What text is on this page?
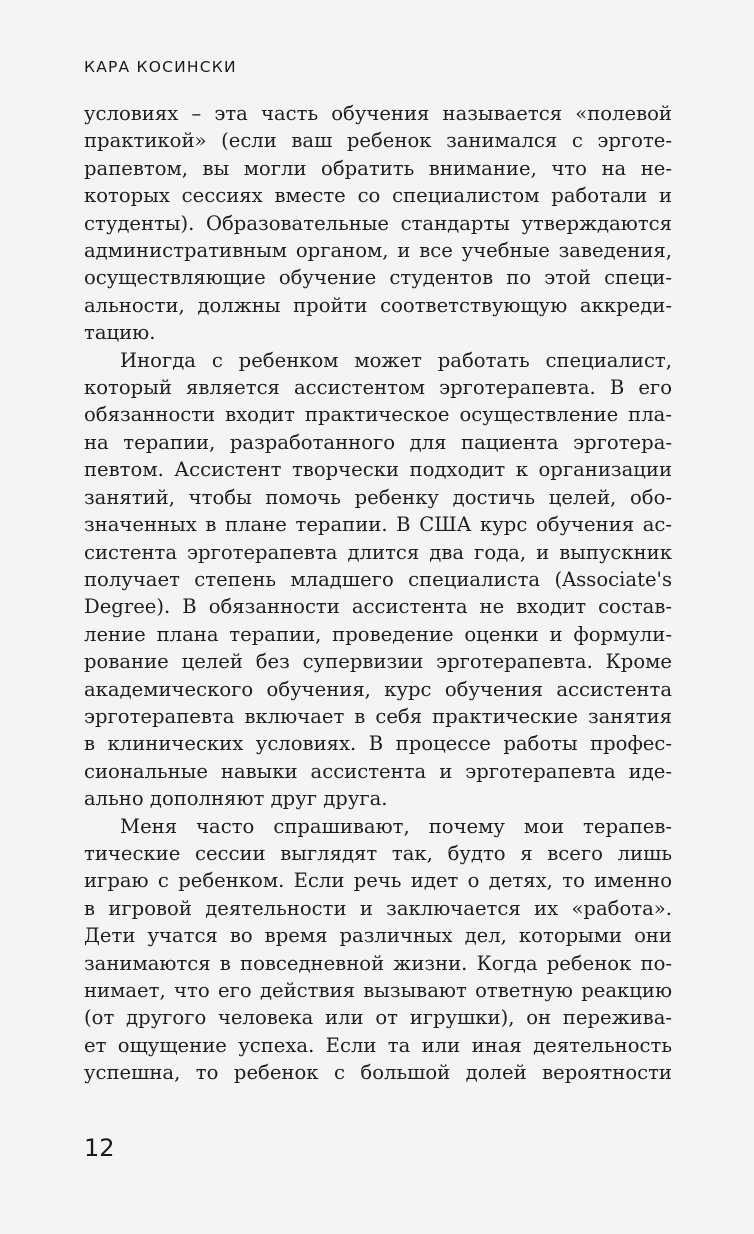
КАРА КОСИНСКИ
условиях – эта часть обучения называется «полевой
практикой» (если ваш ребенок занимался с эрготе-
рапевтом, вы могли обратить внимание, что на не-
которых сессиях вместе со специалистом работали и
студенты). Образовательные стандарты утверждаются
административным органом, и все учебные заведения,
осуществляющие обучение студентов по этой специ-
альности, должны пройти соответствующую аккреди-
тацию.
Иногда с ребенком может работать специалист,
который является ассистентом эрготерапевта. В его
обязанности входит практическое осуществление пла-
на терапии, разработанного для пациента эрготера-
певтом. Ассистент творчески подходит к организации
занятий, чтобы помочь ребенку достичь целей, обо-
значенных в плане терапии. В США курс обучения ас-
систента эрготерапевта длится два года, и выпускник
получает степень младшего специалиста (Associate's
Degree). В обязанности ассистента не входит состав-
ление плана терапии, проведение оценки и формули-
рование целей без супервизии эрготерапевта. Кроме
академического обучения, курс обучения ассистента
эрготерапевта включает в себя практические занятия
в клинических условиях. В процессе работы профес-
сиональные навыки ассистента и эрготерапевта иде-
ально дополняют друг друга.
Меня часто спрашивают, почему мои терапев-
тические сессии выглядят так, будто я всего лишь
играю с ребенком. Если речь идет о детях, то именно
в игровой деятельности и заключается их «работа».
Дети учатся во время различных дел, которыми они
занимаются в повседневной жизни. Когда ребенок по-
нимает, что его действия вызывают ответную реакцию
(от другого человека или от игрушки), он пережива-
ет ощущение успеха. Если та или иная деятельность
успешна, то ребенок с большой долей вероятности
12
